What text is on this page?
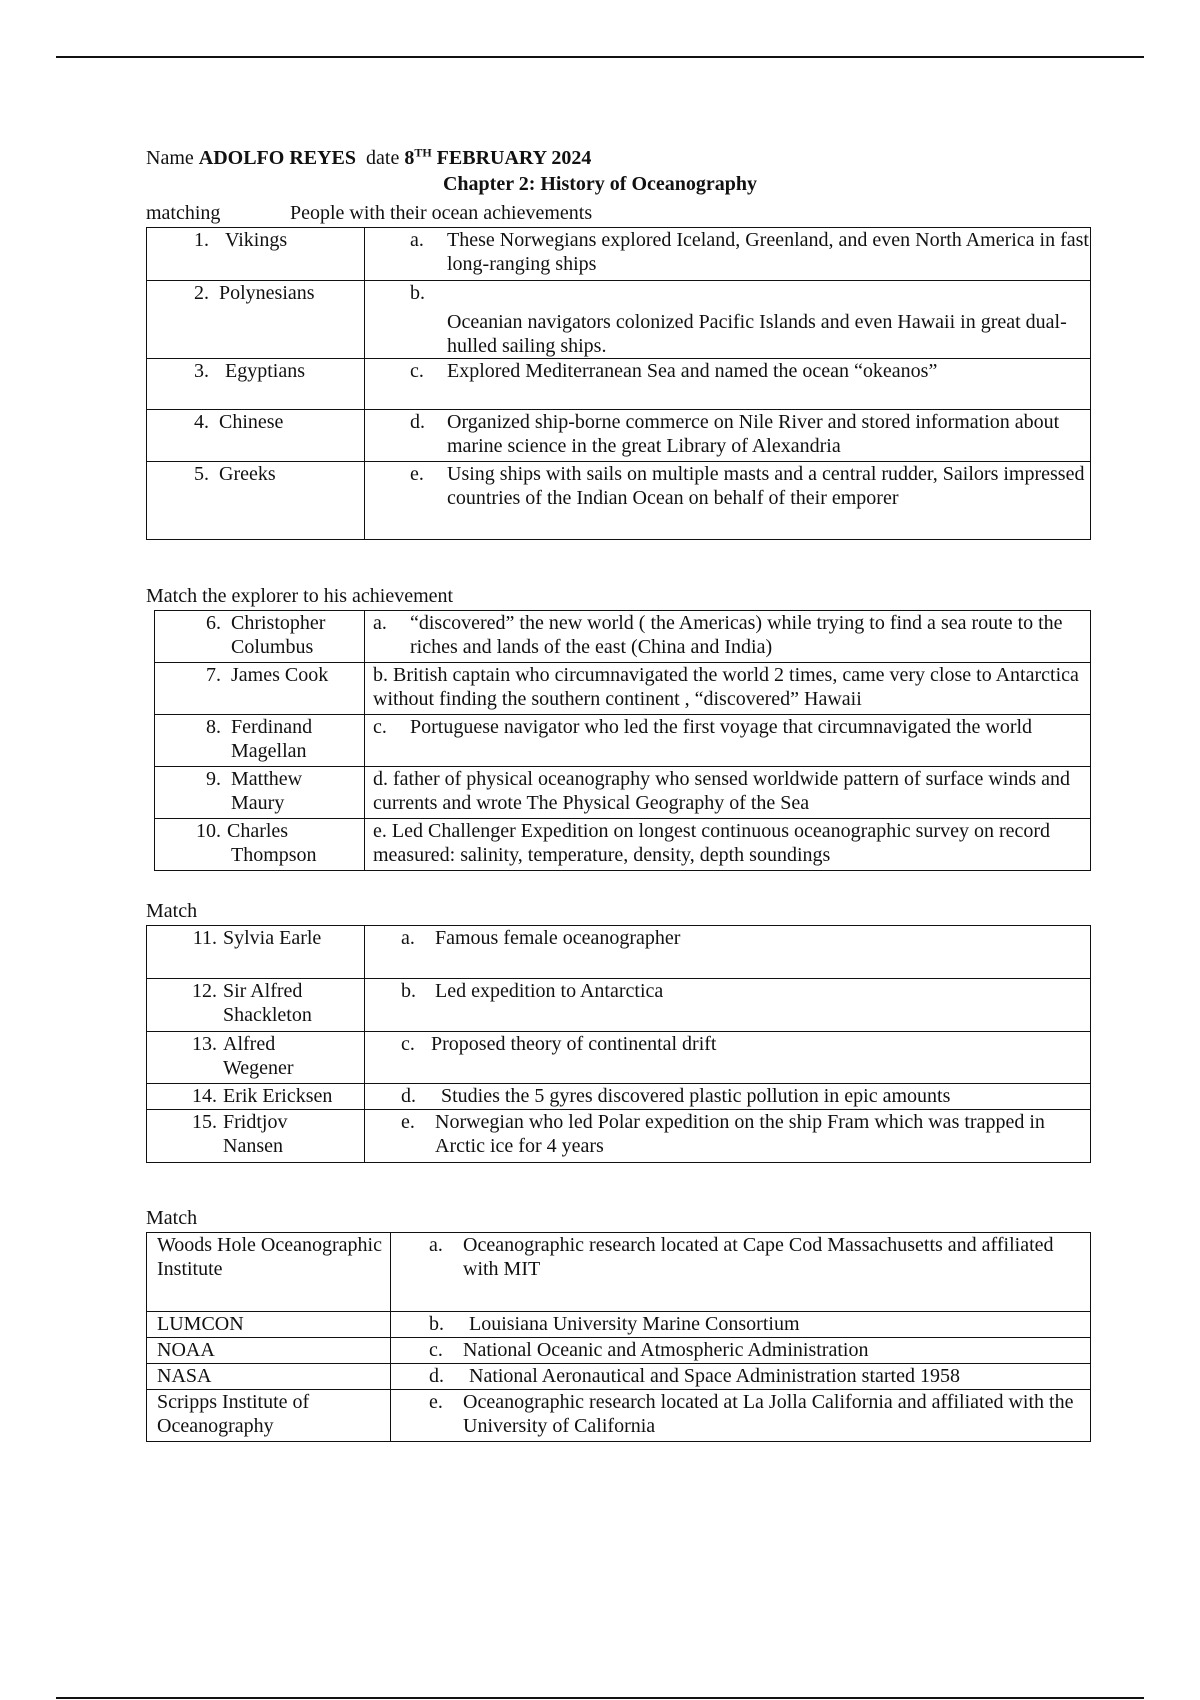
Name ADOLFO REYES date 8TH FEBRUARY 2024
Chapter 2: History of Oceanography
matching	People with their ocean achievements
1. Vikings	a. These Norwegians explored Iceland, Greenland, and even North America in fast long-ranging ships

2. Polynesians	b.
Oceanian navigators colonized Pacific Islands and even Hawaii in great dual-hulled sailing ships.

3. Egyptians	c. Explored Mediterranean Sea and named the ocean “okeanos”

4. Chinese	d. Organized ship-borne commerce on Nile River and stored information about marine science in the great Library of Alexandria

5. Greeks	e. Using ships with sails on multiple masts and a central rudder, Sailors impressed countries of the Indian Ocean on behalf of their emporer
Match the explorer to his achievement
6. Christopher
Columbus	a. “discovered” the new world ( the Americas) while trying to find a sea route to the riches and lands of the east (China and India)

7. James Cook	b. British captain who circumnavigated the world 2 times, came very close to Antarctica without finding the southern continent , “discovered” Hawaii

8. Ferdinand
Magellan	c. Portuguese navigator who led the first voyage that circumnavigated the world

9. Matthew
Maury	d. father of physical oceanography who sensed worldwide pattern of surface winds and currents and wrote The Physical Geography of the Sea

10. Charles
Thompson	e. Led Challenger Expedition on longest continuous oceanographic survey on record measured: salinity, temperature, density, depth soundings
Match
11. Sylvia Earle	a. Famous female oceanographer

12. Sir Alfred
Shackleton	b. Led expedition to Antarctica

13. Alfred
Wegener	c. Proposed theory of continental drift

14. Erik Ericksen	d. Studies the 5 gyres discovered plastic pollution in epic amounts

15. Fridtjov
Nansen	e. Norwegian who led Polar expedition on the ship Fram which was trapped in Arctic ice for 4 years
Match
Woods Hole Oceanographic Institute	a. Oceanographic research located at Cape Cod Massachusetts and affiliated with MIT

LUMCON	b. Louisiana University Marine Consortium

NOAA	c. National Oceanic and Atmospheric Administration

NASA	d. National Aeronautical and Space Administration started 1958

Scripps Institute of Oceanography	e. Oceanographic research located at La Jolla California and affiliated with the University of California
